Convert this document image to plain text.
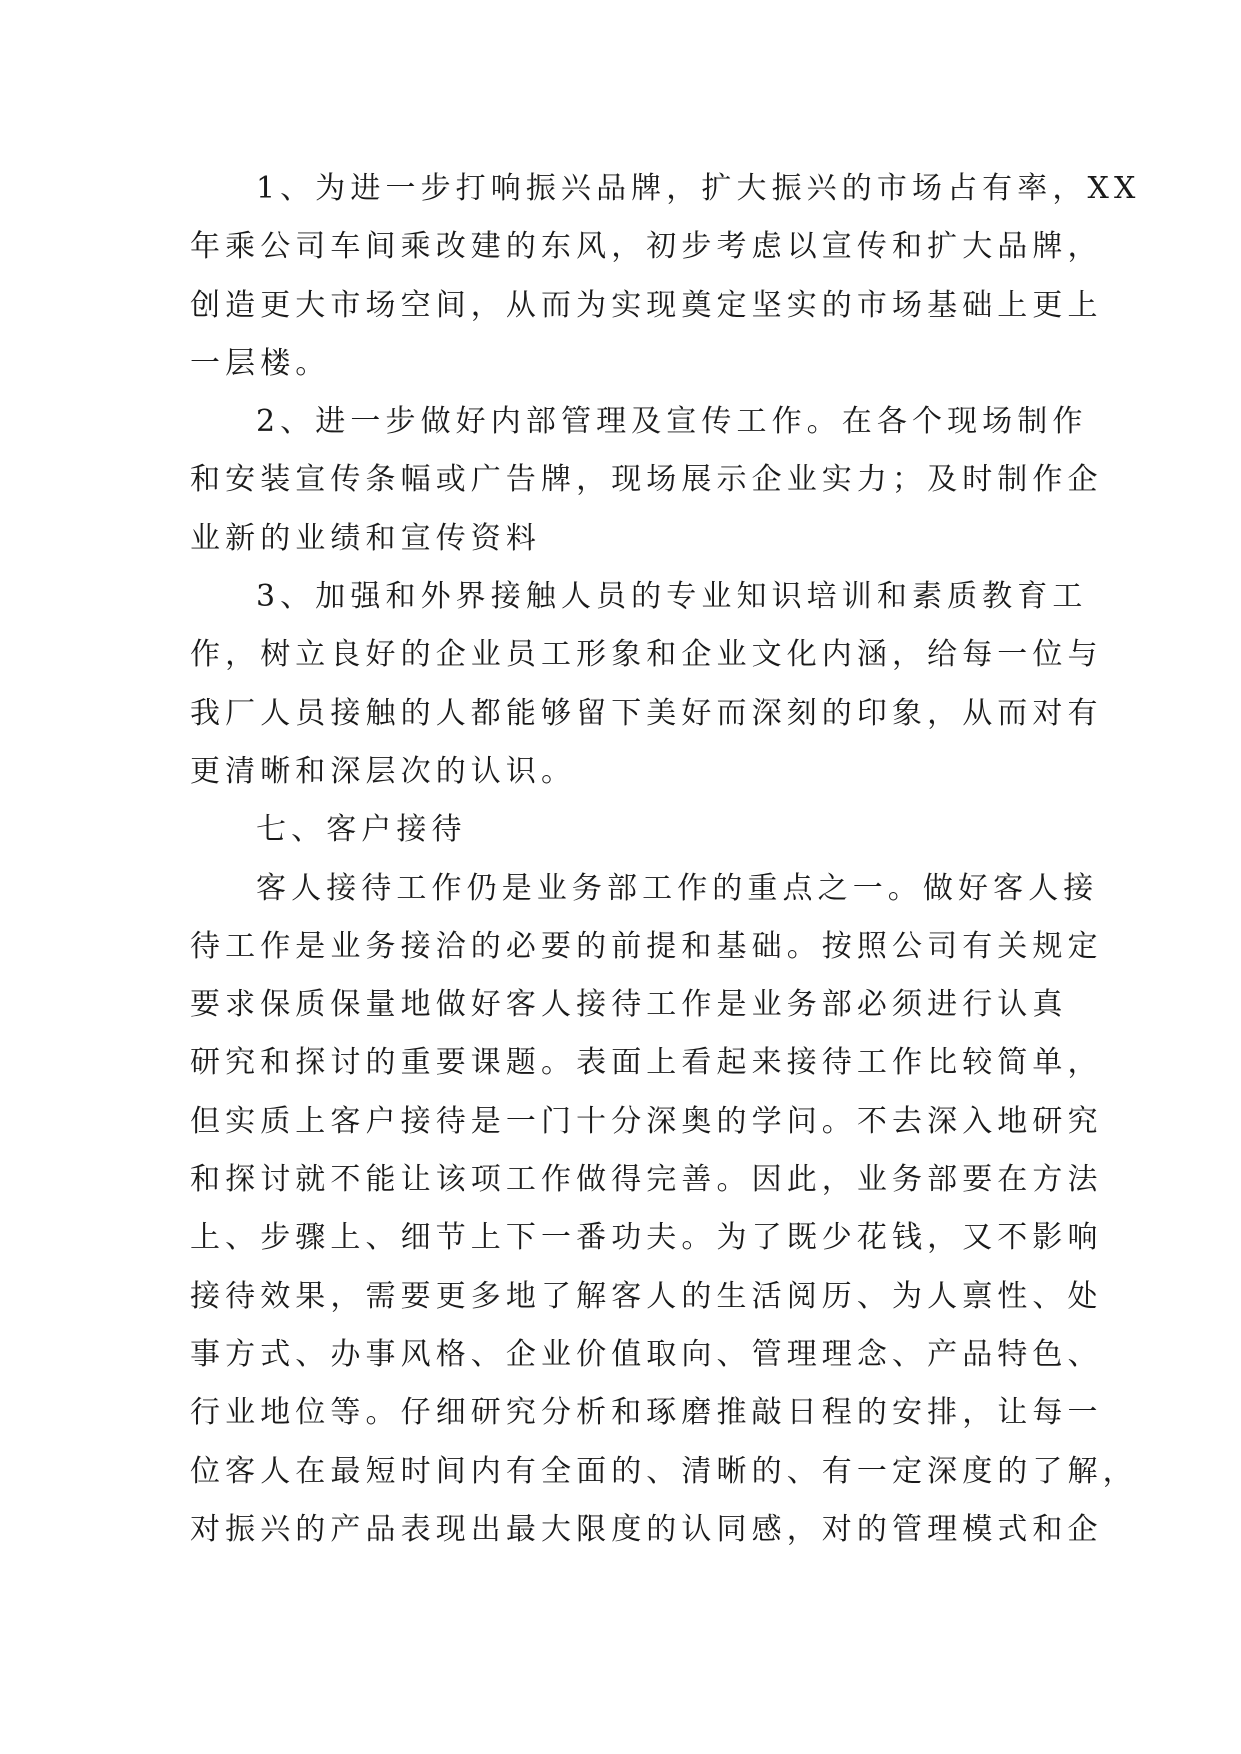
1、为进一步打响振兴品牌，扩大振兴的市场占有率，XX
年乘公司车间乘改建的东风，初步考虑以宣传和扩大品牌，
创造更大市场空间，从而为实现奠定坚实的市场基础上更上
一层楼。
2、进一步做好内部管理及宣传工作。在各个现场制作
和安装宣传条幅或广告牌，现场展示企业实力；及时制作企
业新的业绩和宣传资料
3、加强和外界接触人员的专业知识培训和素质教育工
作，树立良好的企业员工形象和企业文化内涵，给每一位与
我厂人员接触的人都能够留下美好而深刻的印象，从而对有
更清晰和深层次的认识。
七、客户接待
客人接待工作仍是业务部工作的重点之一。做好客人接
待工作是业务接洽的必要的前提和基础。按照公司有关规定
要求保质保量地做好客人接待工作是业务部必须进行认真
研究和探讨的重要课题。表面上看起来接待工作比较简单，
但实质上客户接待是一门十分深奥的学问。不去深入地研究
和探讨就不能让该项工作做得完善。因此，业务部要在方法
上、步骤上、细节上下一番功夫。为了既少花钱，又不影响
接待效果，需要更多地了解客人的生活阅历、为人禀性、处
事方式、办事风格、企业价值取向、管理理念、产品特色、
行业地位等。仔细研究分析和琢磨推敲日程的安排，让每一
位客人在最短时间内有全面的、清晰的、有一定深度的了解，
对振兴的产品表现出最大限度的认同感，对的管理模式和企
